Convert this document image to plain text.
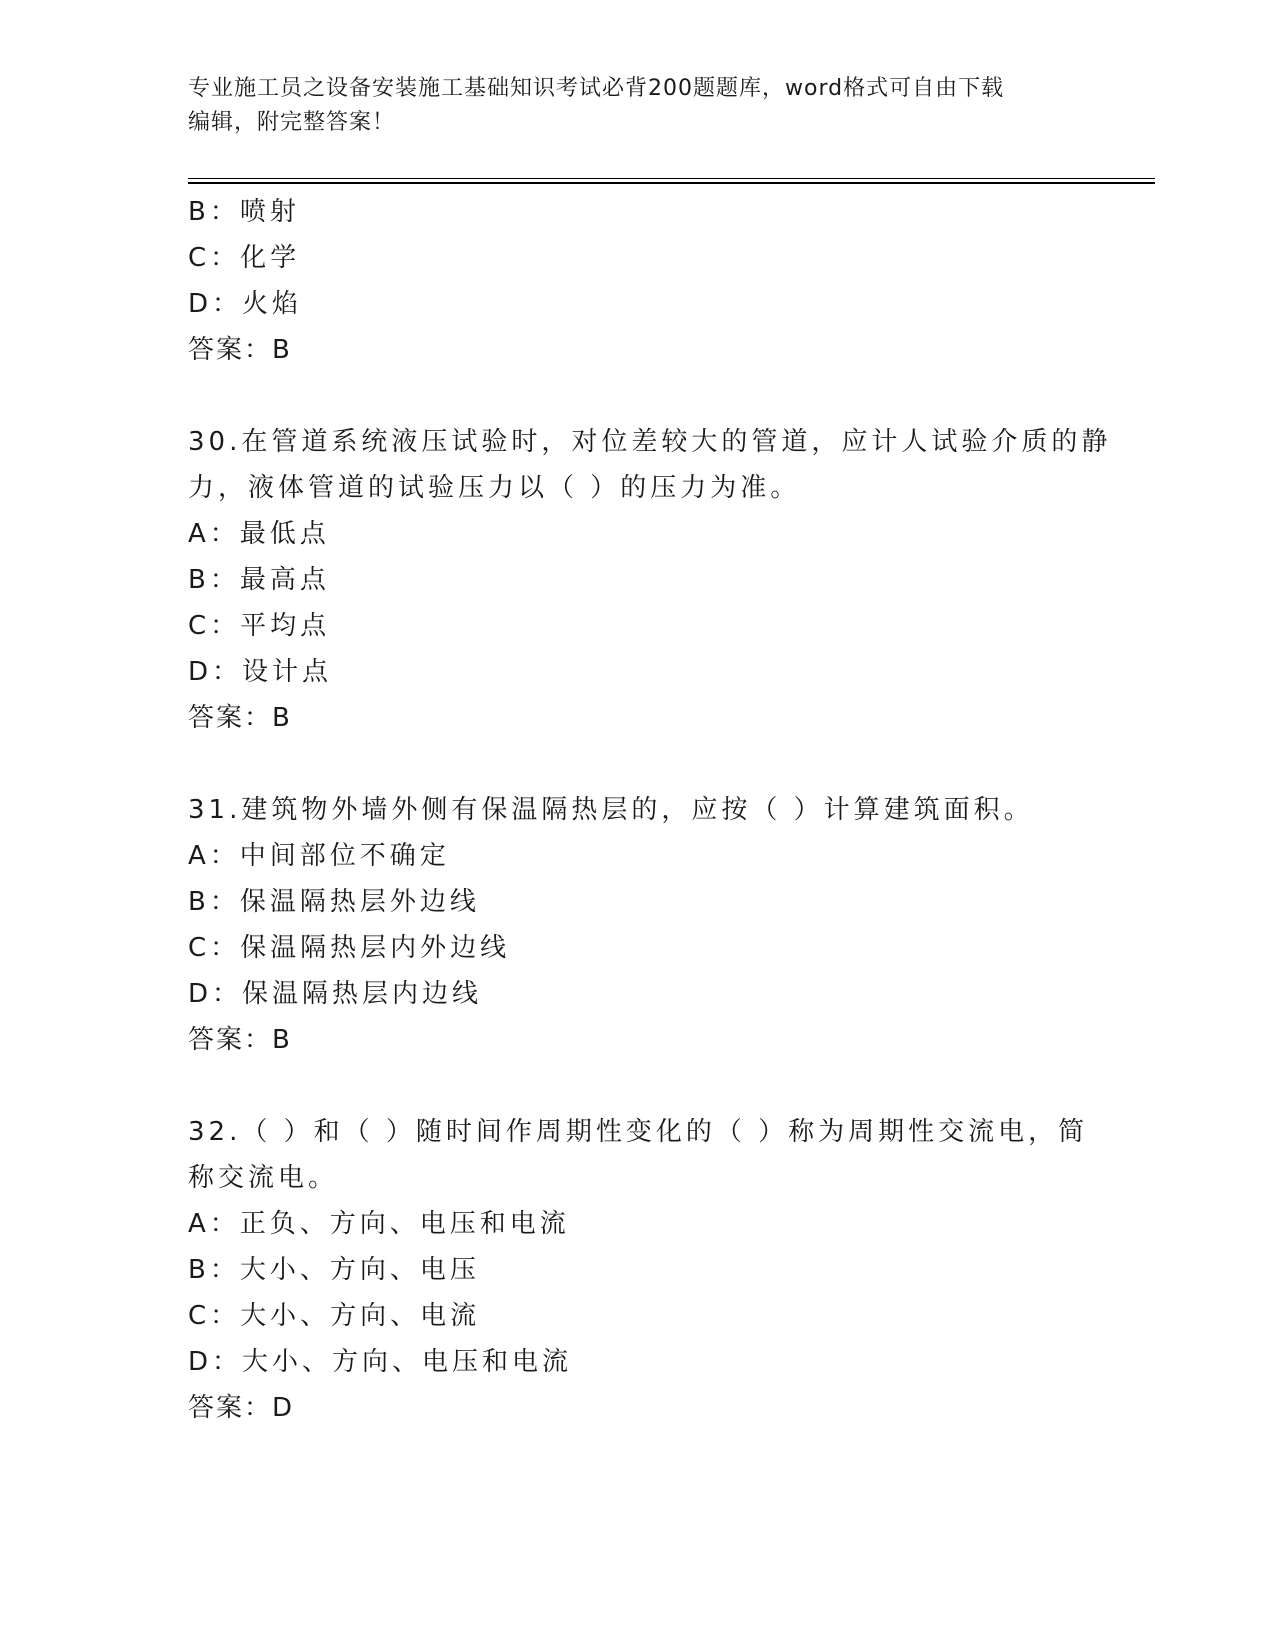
专业施工员之设备安装施工基础知识考试必背200题题库，word格式可自由下载
编辑，附完整答案！
B：喷射
C：化学
D：火焰
答案：B
30.在管道系统液压试验时，对位差较大的管道，应计人试验介质的静
力，液体管道的试验压力以（ ）的压力为准。
A：最低点
B：最高点
C：平均点
D：设计点
答案：B
31.建筑物外墙外侧有保温隔热层的，应按（ ）计算建筑面积。
A：中间部位不确定
B：保温隔热层外边线
C：保温隔热层内外边线
D：保温隔热层内边线
答案：B
32.（ ）和（ ）随时间作周期性变化的（ ）称为周期性交流电，简
称交流电。
A：正负、方向、电压和电流
B：大小、方向、电压
C：大小、方向、电流
D：大小、方向、电压和电流
答案：D
